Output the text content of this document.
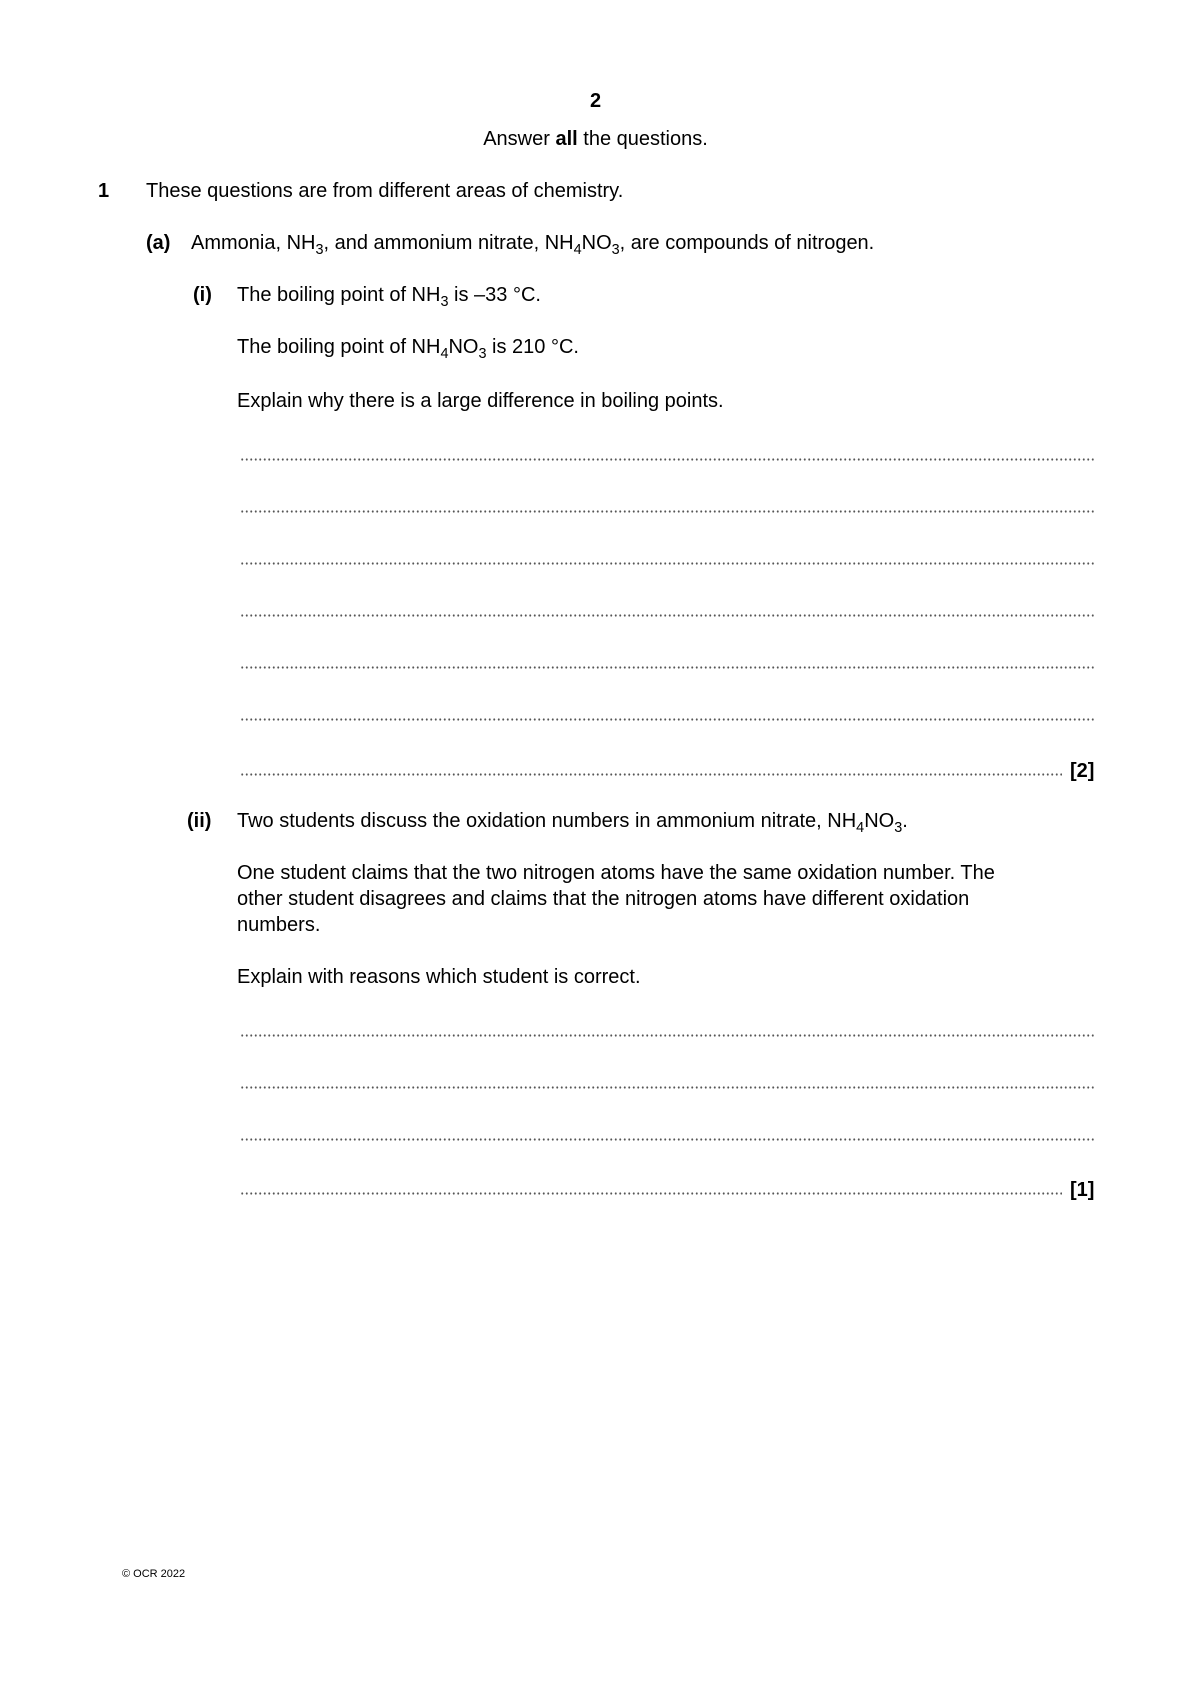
2
Answer all the questions.
1 These questions are from different areas of chemistry.
(a) Ammonia, $NH_3$, and ammonium nitrate, $NH_4NO_3$, are compounds of nitrogen.
(i) The boiling point of $NH_3$ is –33 °C.
The boiling point of $NH_4NO_3$ is 210 °C.
Explain why there is a large difference in boiling points.
[2]
(ii) Two students discuss the oxidation numbers in ammonium nitrate, $NH_4NO_3$.
One student claims that the two nitrogen atoms have the same oxidation number. The
other student disagrees and claims that the nitrogen atoms have different oxidation
numbers.
Explain with reasons which student is correct.
[1]
© OCR 2022
